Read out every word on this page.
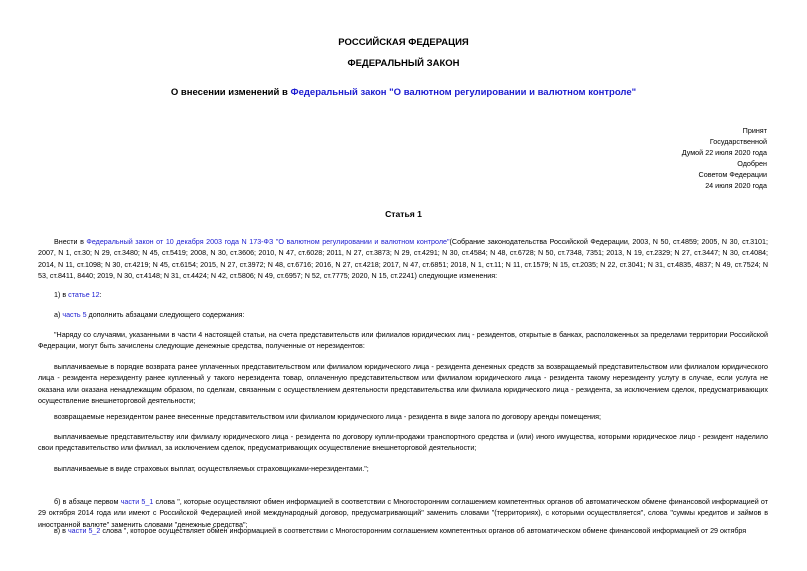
РОССИЙСКАЯ ФЕДЕРАЦИЯ
ФЕДЕРАЛЬНЫЙ ЗАКОН
О внесении изменений в Федеральный закон "О валютном регулировании и валютном контроле"
Принят
Государственной
Думой 22 июля 2020 года
Одобрен
Советом Федерации
24 июля 2020 года
Статья 1

Внести в Федеральный закон от 10 декабря 2003 года N 173-ФЗ "О валютном регулировании и валютном контроле"(Собрание законодательства Российской Федерации, 2003, N 50, ст.4859; 2005, N 30, ст.3101; 2007, N 1, ст.30; N 29, ст.3480; N 45, ст.5419; 2008, N 30, ст.3606; 2010, N 47, ст.6028; 2011, N 27, ст.3873; N 29, ст.4291; N 30, ст.4584; N 48, ст.6728; N 50, ст.7348, 7351; 2013, N 19, ст.2329; N 27, ст.3447; N 30, ст.4084; 2014, N 11, ст.1098; N 30, ст.4219; N 45, ст.6154; 2015, N 27, ст.3972; N 48, ст.6716; 2016, N 27, ст.4218; 2017, N 47, ст.6851; 2018, N 1, ст.11; N 11, ст.1579; N 15, ст.2035; N 22, ст.3041; N 31, ст.4835, 4837; N 49, ст.7524; N 53, ст.8411, 8440; 2019, N 30, ст.4148; N 31, ст.4424; N 42, ст.5806; N 49, ст.6957; N 52, ст.7775; 2020, N 15, ст.2241) следующие изменения:

1) в статье 12:

а) часть 5 дополнить абзацами следующего содержания:

"Наряду со случаями, указанными в части 4 настоящей статьи, на счета представительств или филиалов юридических лиц - резидентов, открытые в банках, расположенных за пределами территории Российской Федерации, могут быть зачислены следующие денежные средства, полученные от нерезидентов:

выплачиваемые в порядке возврата ранее уплаченных представительством или филиалом юридического лица - резидента денежных средств за возвращаемый представительством или филиалом юридического лица - резидента нерезиденту ранее купленный у такого нерезидента товар, оплаченную представительством или филиалом юридического лица - резидента такому нерезиденту услугу в случае, если услуга не оказана или оказана ненадлежащим образом, по сделкам, связанным с осуществлением деятельности представительства или филиала юридического лица - резидента, за исключением сделок, предусматривающих осуществление внешнеторговой деятельности;

возвращаемые нерезидентом ранее внесенные представительством или филиалом юридического лица - резидента в виде залога по договору аренды помещения;

выплачиваемые представительству или филиалу юридического лица - резидента по договору купли-продажи транспортного средства и (или) иного имущества, которыми юридическое лицо - резидент наделило свои представительство или филиал, за исключением сделок, предусматривающих осуществление внешнеторговой деятельности;

выплачиваемые в виде страховых выплат, осуществляемых страховщиками-нерезидентами.";

б) в абзаце первом части 5_1 слова ", которые осуществляют обмен информацией в соответствии с Многосторонним соглашением компетентных органов об автоматическом обмене финансовой информацией от 29 октября 2014 года или имеют с Российской Федерацией иной международный договор, предусматривающий" заменить словами "(территориях), с которыми осуществляется", слова "суммы кредитов и займов в иностранной валюте" заменить словами "денежные средства";

в) в части 5_2 слова ", которое осуществляет обмен информацией в соответствии с Многосторонним соглашением компетентных органов об автоматическом обмене финансовой информацией от 29 октября
